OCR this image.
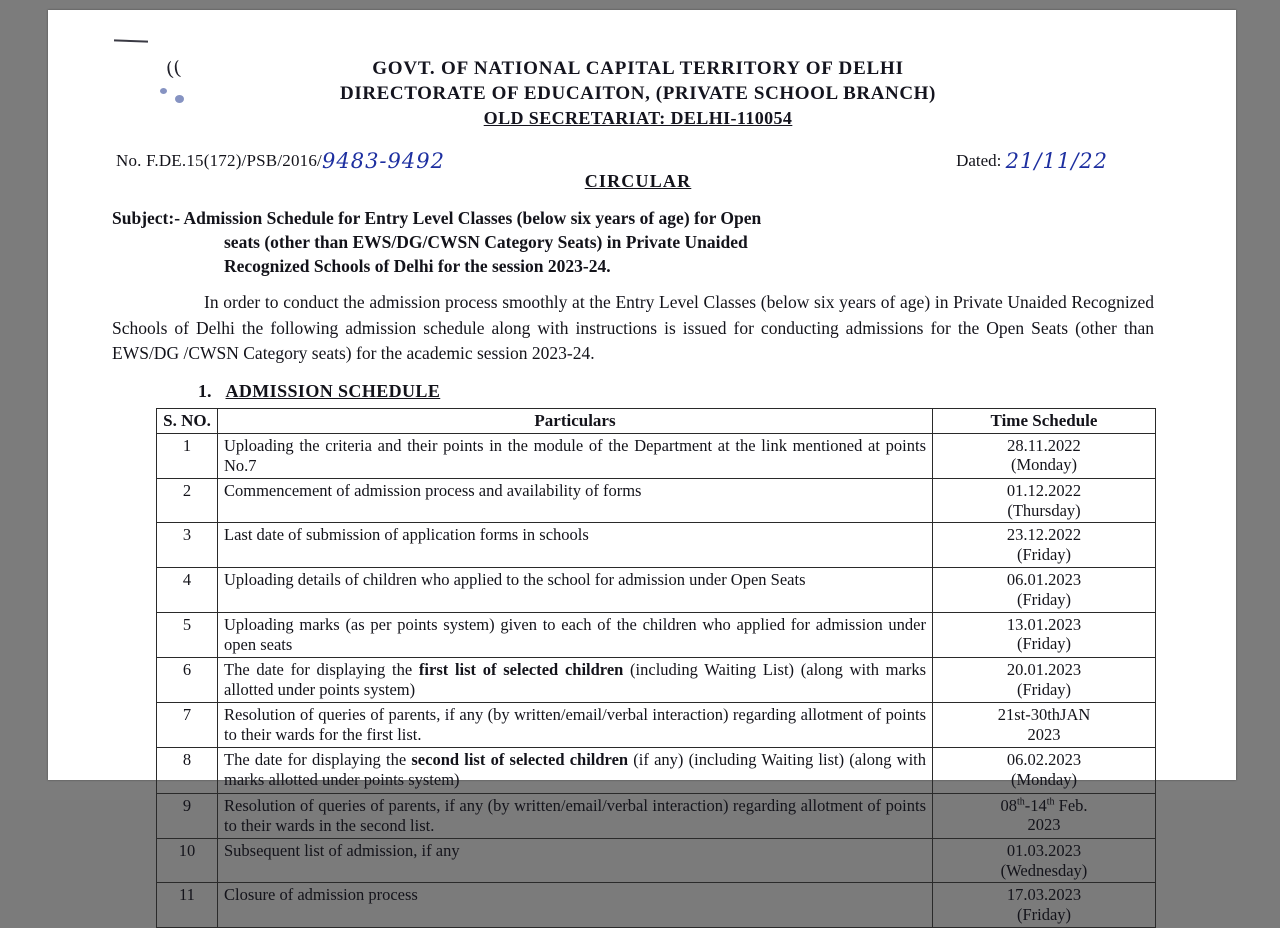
((	GOVT. OF NATIONAL CAPITAL TERRITORY OF DELHI
DIRECTORATE OF EDUCAITON, (PRIVATE SCHOOL BRANCH)
OLD SECRETARIAT: DELHI-110054
No. F.DE.15(172)/PSB/2016/9483-9492	Dated: 21/11/22
CIRCULAR
Subject:- Admission Schedule for Entry Level Classes (below six years of age) for Open
seats (other than EWS/DG/CWSN Category Seats) in Private Unaided
Recognized Schools of Delhi for the session 2023-24.
In order to conduct the admission process smoothly at the Entry Level Classes (below six years of age) in Private Unaided Recognized Schools of Delhi the following admission schedule along with instructions is issued for conducting admissions for the Open Seats (other than EWS/DG /CWSN Category seats) for the academic session 2023-24.
1. ADMISSION SCHEDULE
S. NO.	Particulars	Time Schedule
1	Uploading the criteria and their points in the module of the Department at the link mentioned at points No.7	28.11.2022
(Monday)

2	Commencement of admission process and availability of forms	01.12.2022
(Thursday)

3	Last date of submission of application forms in schools	23.12.2022
(Friday)

4	Uploading details of children who applied to the school for admission under Open Seats	06.01.2023
(Friday)

5	Uploading marks (as per points system) given to each of the children who applied for admission under open seats	13.01.2023
(Friday)

6	The date for displaying the first list of selected children (including Waiting List) (along with marks allotted under points system)	20.01.2023
(Friday)

7	Resolution of queries of parents, if any (by written/email/verbal interaction) regarding allotment of points to their wards for the first list.	21st-30thJAN
2023

8	The date for displaying the second list of selected children (if any) (including Waiting list) (along with marks allotted under points system)	06.02.2023
(Monday)

9	Resolution of queries of parents, if any (by written/email/verbal interaction) regarding allotment of points to their wards in the second list.	08th-14th Feb.
2023

10	Subsequent list of admission, if any	01.03.2023
(Wednesday)

11	Closure of admission process	17.03.2023
(Friday)
